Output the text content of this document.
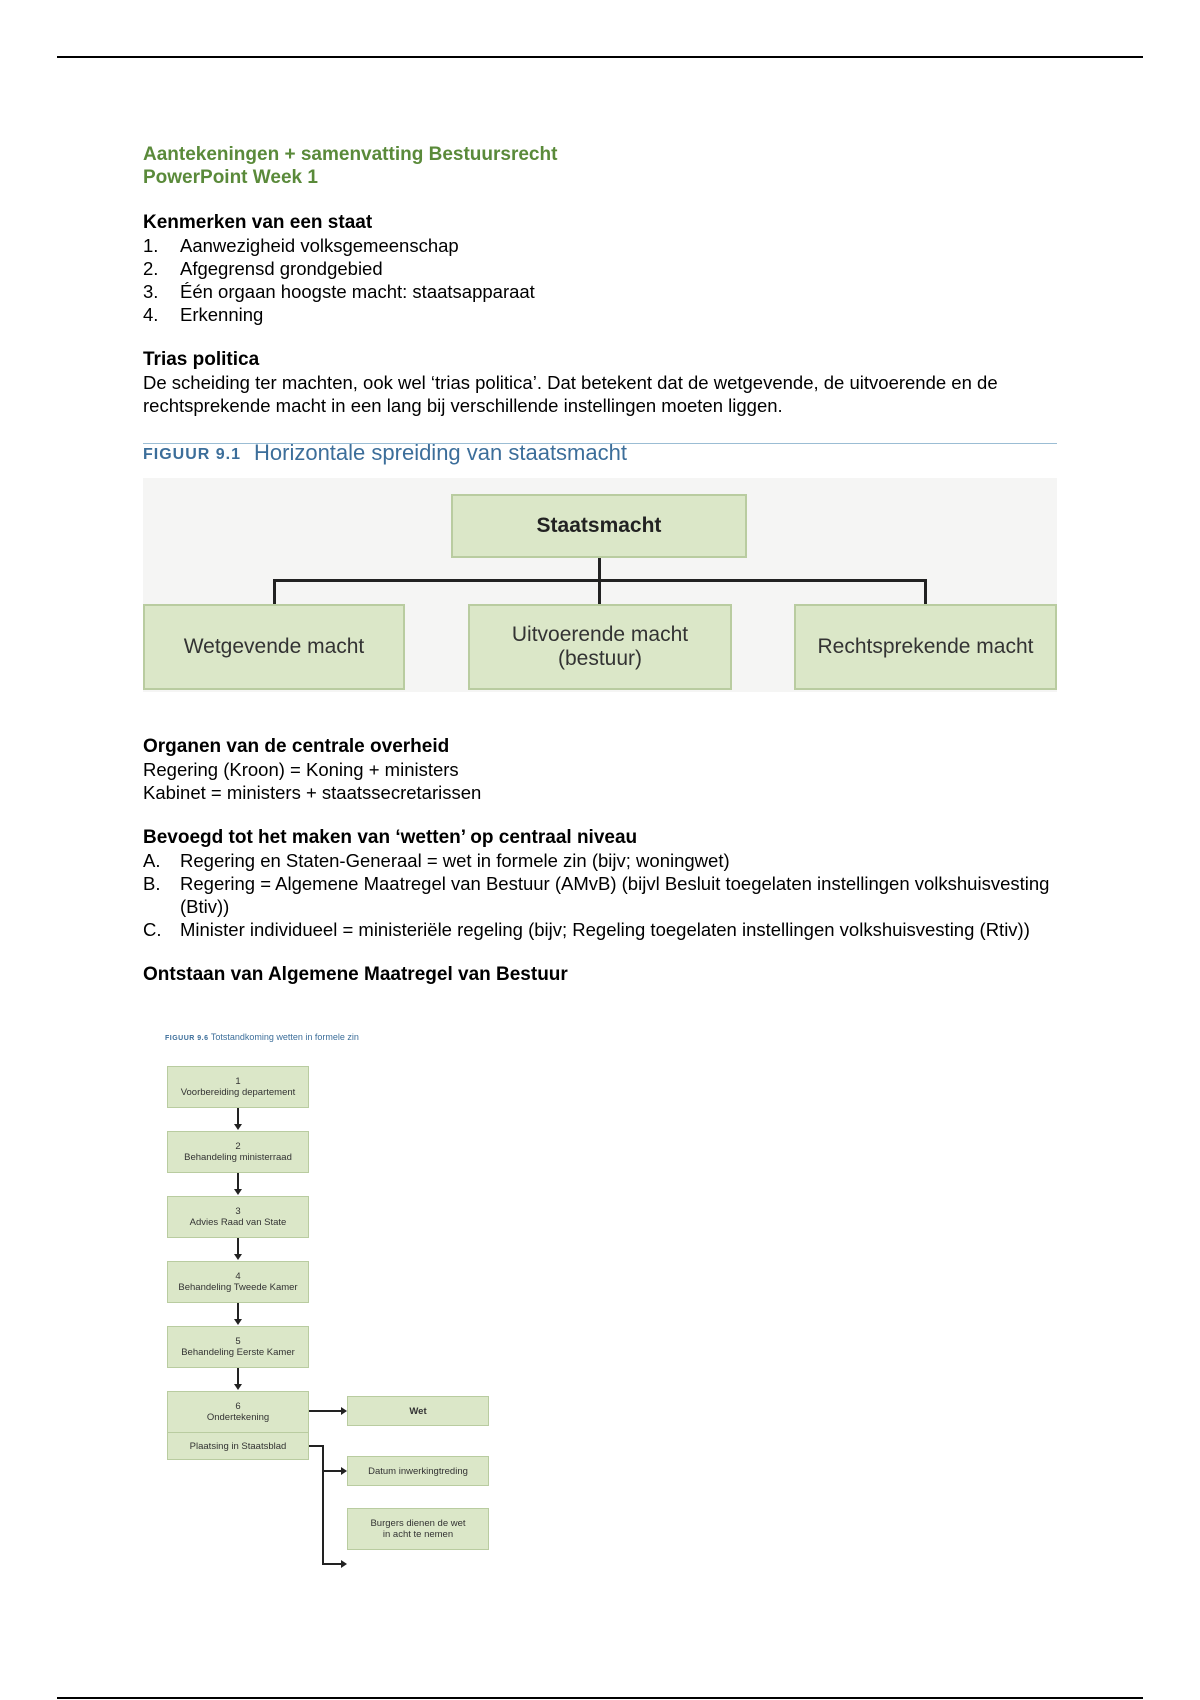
Aantekeningen + samenvatting Bestuursrecht
PowerPoint Week 1
Kenmerken van een staat
1.	Aanwezigheid volksgemeenschap
2.	Afgegrensd grondgebied
3.	Één orgaan hoogste macht: staatsapparaat
4.	Erkenning
Trias politica

De scheiding ter machten, ook wel ‘trias politica’. Dat betekent dat de wetgevende, de uitvoerende en de rechtsprekende macht in een lang bij verschillende instellingen moeten liggen.

FIGUUR 9.1 Horizontale spreiding van staatsmacht
Staatsmacht
Wetgevende macht
Uitvoerende macht
(bestuur)
Rechtsprekende macht
Organen van de centrale overheid

Regering (Kroon) = Koning + ministers

Kabinet = ministers + staatssecretarissen

Bevoegd tot het maken van ‘wetten’ op centraal niveau
A.	Regering en Staten-Generaal = wet in formele zin (bijv; woningwet)
B.	Regering = Algemene Maatregel van Bestuur (AMvB) (bijvl Besluit toegelaten instellingen volkshuisvesting (Btiv))
C.	Minister individueel = ministeriële regeling (bijv; Regeling toegelaten instellingen volkshuisvesting (Rtiv))
Ontstaan van Algemene Maatregel van Bestuur
FIGUUR 9.6 Totstandkoming wetten in formele zin
1
Voorbereiding departement
2
Behandeling ministerraad
3
Advies Raad van State
4
Behandeling Tweede Kamer
5
Behandeling Eerste Kamer
6
Ondertekening
Plaatsing in Staatsblad
Wet
Datum inwerkingtreding
Burgers dienen de wet
in acht te nemen
